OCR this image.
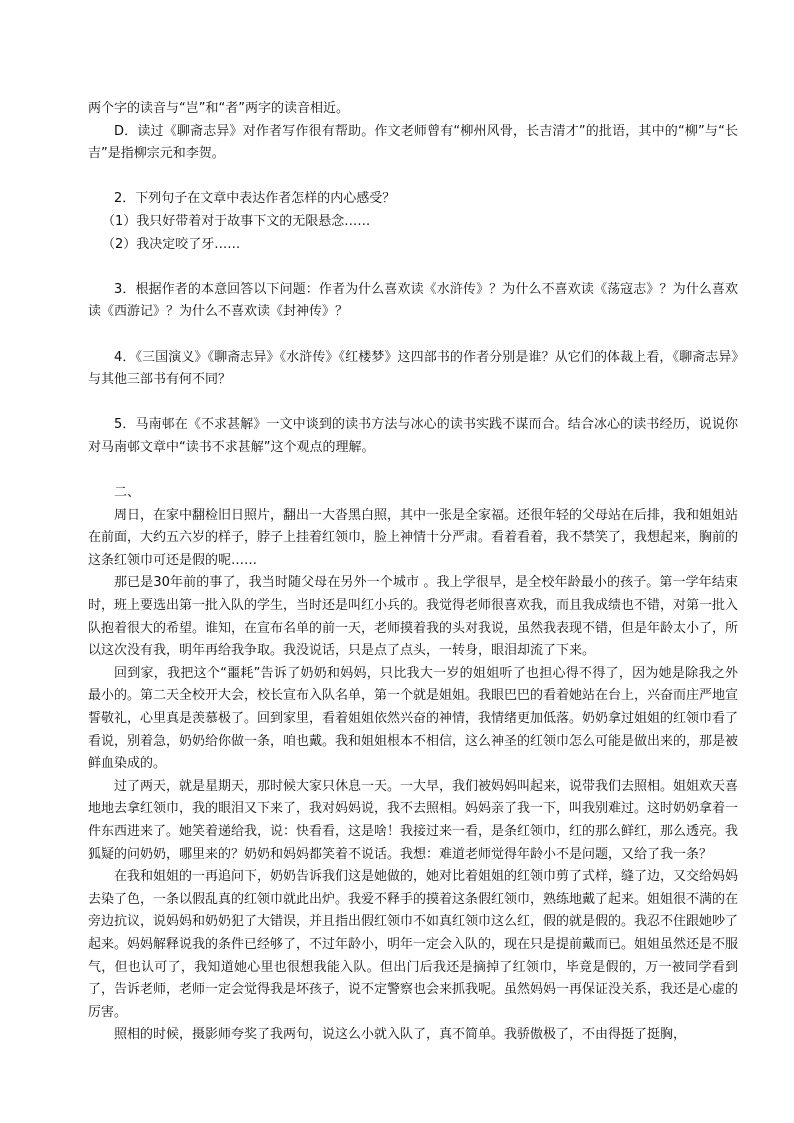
两个字的读音与“岂”和“者”两字的读音相近。

D．读过《聊斋志异》对作者写作很有帮助。作文老师曾有“柳州风骨，长吉清才”的批语，其中的“柳”与“长吉”是指柳宗元和李贺。

2．下列句子在文章中表达作者怎样的内心感受？

（1）我只好带着对于故事下文的无限悬念……

（2）我决定咬了牙……

3．根据作者的本意回答以下问题：作者为什么喜欢读《水浒传》？为什么不喜欢读《荡寇志》？为什么喜欢读《西游记》？为什么不喜欢读《封神传》？

4．《三国演义》《聊斋志异》《水浒传》《红楼梦》这四部书的作者分别是谁？从它们的体裁上看，《聊斋志异》与其他三部书有何不同？

5．马南邨在《不求甚解》一文中谈到的读书方法与冰心的读书实践不谋而合。结合冰心的读书经历，说说你对马南邨文章中“读书不求甚解”这个观点的理解。

二、

周日，在家中翻检旧日照片，翻出一大沓黑白照，其中一张是全家福。还很年轻的父母站在后排，我和姐姐站在前面，大约五六岁的样子，脖子上挂着红领巾，脸上神情十分严肃。看着看着，我不禁笑了，我想起来，胸前的这条红领巾可还是假的呢……

那已是30年前的事了，我当时随父母在另外一个城市 。我上学很早，是全校年龄最小的孩子。第一学年结束时，班上要选出第一批入队的学生，当时还是叫红小兵的。我觉得老师很喜欢我，而且我成绩也不错，对第一批入队抱着很大的希望。谁知，在宣布名单的前一天，老师摸着我的头对我说，虽然我表现不错，但是年龄太小了，所以这次没有我，明年再给我争取。我没说话，只是点了点头，一转身，眼泪却流了下来。

回到家，我把这个“噩耗”告诉了奶奶和妈妈，只比我大一岁的姐姐听了也担心得不得了，因为她是除我之外最小的。第二天全校开大会，校长宣布入队名单，第一个就是姐姐。我眼巴巴的看着她站在台上，兴奋而庄严地宣誓敬礼，心里真是羡慕极了。回到家里，看着姐姐依然兴奋的神情，我情绪更加低落。奶奶拿过姐姐的红领巾看了看说，别着急，奶奶给你做一条，咱也戴。我和姐姐根本不相信，这么神圣的红领巾怎么可能是做出来的，那是被鲜血染成的。

过了两天，就是星期天，那时候大家只休息一天。一大早，我们被妈妈叫起来，说带我们去照相。姐姐欢天喜地地去拿红领巾，我的眼泪又下来了，我对妈妈说，我不去照相。妈妈亲了我一下，叫我别难过。这时奶奶拿着一件东西进来了。她笑着递给我，说：快看看，这是啥！我接过来一看，是条红领巾，红的那么鲜红，那么透亮。我狐疑的问奶奶，哪里来的？奶奶和妈妈都笑着不说话。我想：难道老师觉得年龄小不是问题，又给了我一条？

在我和姐姐的一再追问下，奶奶告诉我们这是她做的，她对比着姐姐的红领巾剪了式样，缝了边，又交给妈妈去染了色，一条以假乱真的红领巾就此出炉。我爱不释手的摸着这条假红领巾，熟练地戴了起来。姐姐很不满的在旁边抗议，说妈妈和奶奶犯了大错误，并且指出假红领巾不如真红领巾这么红，假的就是假的。我忍不住跟她吵了起来。妈妈解释说我的条件已经够了，不过年龄小，明年一定会入队的，现在只是提前戴而已。姐姐虽然还是不服气，但也认可了，我知道她心里也很想我能入队。但出门后我还是摘掉了红领巾，毕竟是假的，万一被同学看到了，告诉老师，老师一定会觉得我是坏孩子，说不定警察也会来抓我呢。虽然妈妈一再保证没关系，我还是心虚的厉害。

照相的时候，摄影师夸奖了我两句，说这么小就入队了，真不简单。我骄傲极了，不由得挺了挺胸，
